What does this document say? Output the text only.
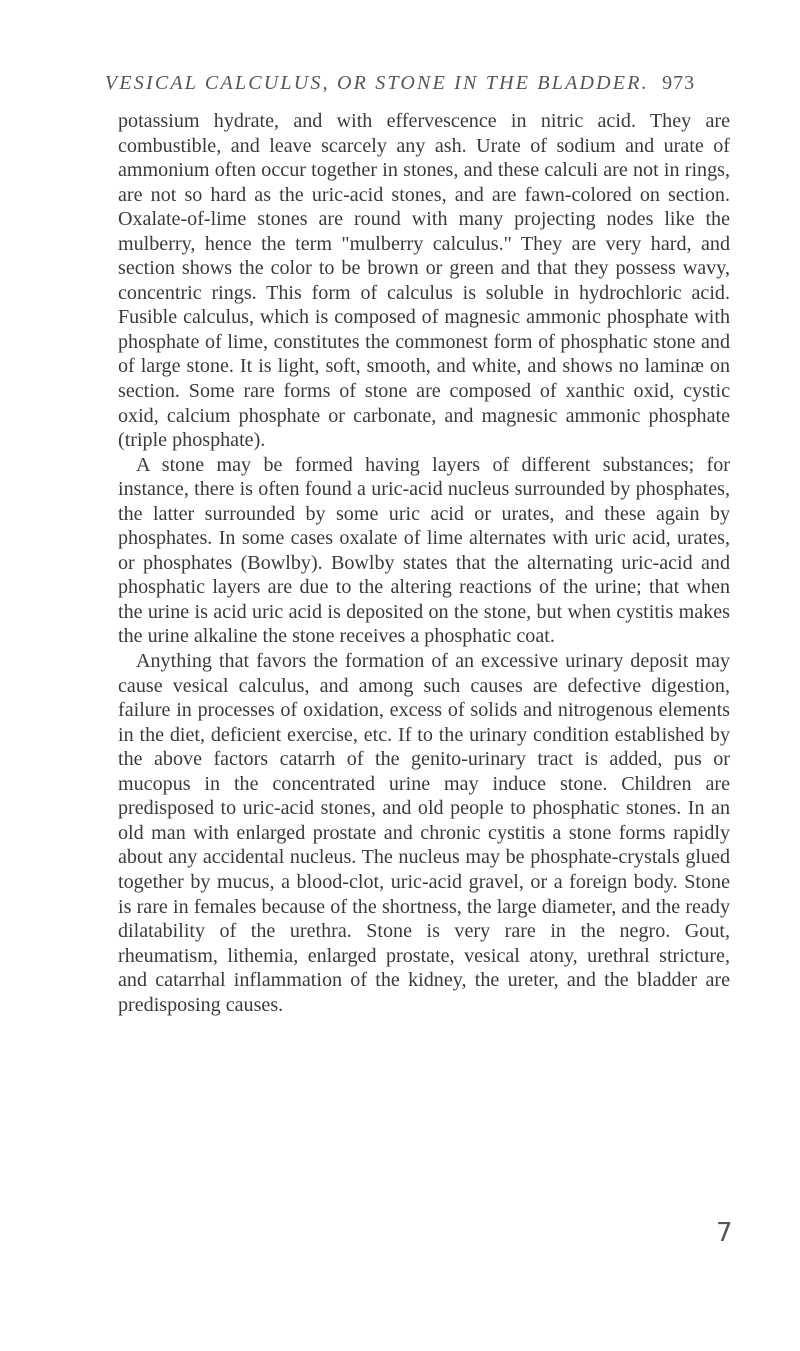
VESICAL CALCULUS, OR STONE IN THE BLADDER. 973

potassium hydrate, and with effervescence in nitric acid. They are combustible, and leave scarcely any ash. Urate of sodium and urate of ammonium often occur together in stones, and these calculi are not in rings, are not so hard as the uric-acid stones, and are fawn-colored on section. Oxalate-of-lime stones are round with many projecting nodes like the mulberry, hence the term "mulberry calculus." They are very hard, and section shows the color to be brown or green and that they possess wavy, concentric rings. This form of calculus is soluble in hydrochloric acid. Fusible calculus, which is composed of magnesic ammonic phosphate with phosphate of lime, constitutes the commonest form of phosphatic stone and of large stone. It is light, soft, smooth, and white, and shows no laminæ on section. Some rare forms of stone are composed of xanthic oxid, cystic oxid, calcium phosphate or carbonate, and magnesic ammonic phosphate (triple phosphate).

A stone may be formed having layers of different substances; for instance, there is often found a uric-acid nucleus surrounded by phosphates, the latter surrounded by some uric acid or urates, and these again by phosphates. In some cases oxalate of lime alternates with uric acid, urates, or phosphates (Bowlby). Bowlby states that the alternating uric-acid and phosphatic layers are due to the altering reactions of the urine; that when the urine is acid uric acid is deposited on the stone, but when cystitis makes the urine alkaline the stone receives a phosphatic coat.

Anything that favors the formation of an excessive urinary deposit may cause vesical calculus, and among such causes are defective digestion, failure in processes of oxidation, excess of solids and nitrogenous elements in the diet, deficient exercise, etc. If to the urinary condition established by the above factors catarrh of the genito-urinary tract is added, pus or mucopus in the concentrated urine may induce stone. Children are predisposed to uric-acid stones, and old people to phosphatic stones. In an old man with enlarged prostate and chronic cystitis a stone forms rapidly about any accidental nucleus. The nucleus may be phosphate-crystals glued together by mucus, a blood-clot, uric-acid gravel, or a foreign body. Stone is rare in females because of the shortness, the large diameter, and the ready dilatability of the urethra. Stone is very rare in the negro. Gout, rheumatism, lithemia, enlarged prostate, vesical atony, urethral stricture, and catarrhal inflammation of the kidney, the ureter, and the bladder are predisposing causes.

7
